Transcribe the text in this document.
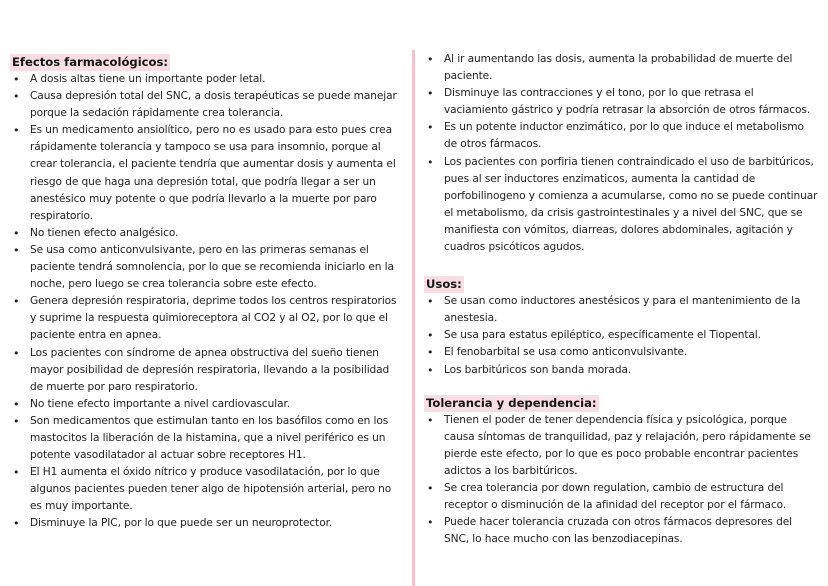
Efectos farmacológicos:
• A dosis altas tiene un importante poder letal.
• Causa depresión total del SNC, a dosis terapéuticas se puede manejar porque la sedación rápidamente crea tolerancia.
• Es un medicamento ansiolítico, pero no es usado para esto pues crea rápidamente tolerancia y tampoco se usa para insomnio, porque al crear tolerancia, el paciente tendría que aumentar dosis y aumenta el riesgo de que haga una depresión total, que podría llegar a ser un anestésico muy potente o que podría llevarlo a la muerte por paro respiratorio.
• No tienen efecto analgésico.
• Se usa como anticonvulsivante, pero en las primeras semanas el paciente tendrá somnolencia, por lo que se recomienda iniciarlo en la noche, pero luego se crea tolerancia sobre este efecto.
• Genera depresión respiratoria, deprime todos los centros respiratorios y suprime la respuesta quimioreceptora al CO2 y al O2, por lo que el paciente entra en apnea.
• Los pacientes con síndrome de apnea obstructiva del sueño tienen mayor posibilidad de depresión respiratoria, llevando a la posibilidad de muerte por paro respiratorio.
• No tiene efecto importante a nivel cardiovascular.
• Son medicamentos que estimulan tanto en los basófilos como en los mastocitos la liberación de la histamina, que a nivel periférico es un potente vasodilatador al actuar sobre receptores H1.
• El H1 aumenta el óxido nítrico y produce vasodilatación, por lo que algunos pacientes pueden tener algo de hipotensión arterial, pero no es muy importante.
• Disminuye la PIC, por lo que puede ser un neuroprotector.
• Al ir aumentando las dosis, aumenta la probabilidad de muerte del paciente.
• Disminuye las contracciones y el tono, por lo que retrasa el vaciamiento gástrico y podría retrasar la absorción de otros fármacos.
• Es un potente inductor enzimático, por lo que induce el metabolismo de otros fármacos.
• Los pacientes con porfiria tienen contraindicado el uso de barbitúricos, pues al ser inductores enzimaticos, aumenta la cantidad de porfobilinogeno y comienza a acumularse, como no se puede continuar el metabolismo, da crisis gastrointestinales y a nivel del SNC, que se manifiesta con vómitos, diarreas, dolores abdominales, agitación y cuadros psicóticos agudos.
Usos:
• Se usan como inductores anestésicos y para el mantenimiento de la anestesia.
• Se usa para estatus epiléptico, específicamente el Tiopental.
• El fenobarbital se usa como anticonvulsivante.
• Los barbitúricos son banda morada.
Tolerancia y dependencia:
• Tienen el poder de tener dependencia física y psicológica, porque causa síntomas de tranquilidad, paz y relajación, pero rápidamente se pierde este efecto, por lo que es poco probable encontrar pacientes adictos a los barbitúricos.
• Se crea tolerancia por down regulation, cambio de estructura del receptor o disminución de la afinidad del receptor por el fármaco.
• Puede hacer tolerancia cruzada con otros fármacos depresores del SNC, lo hace mucho con las benzodiacepinas.
